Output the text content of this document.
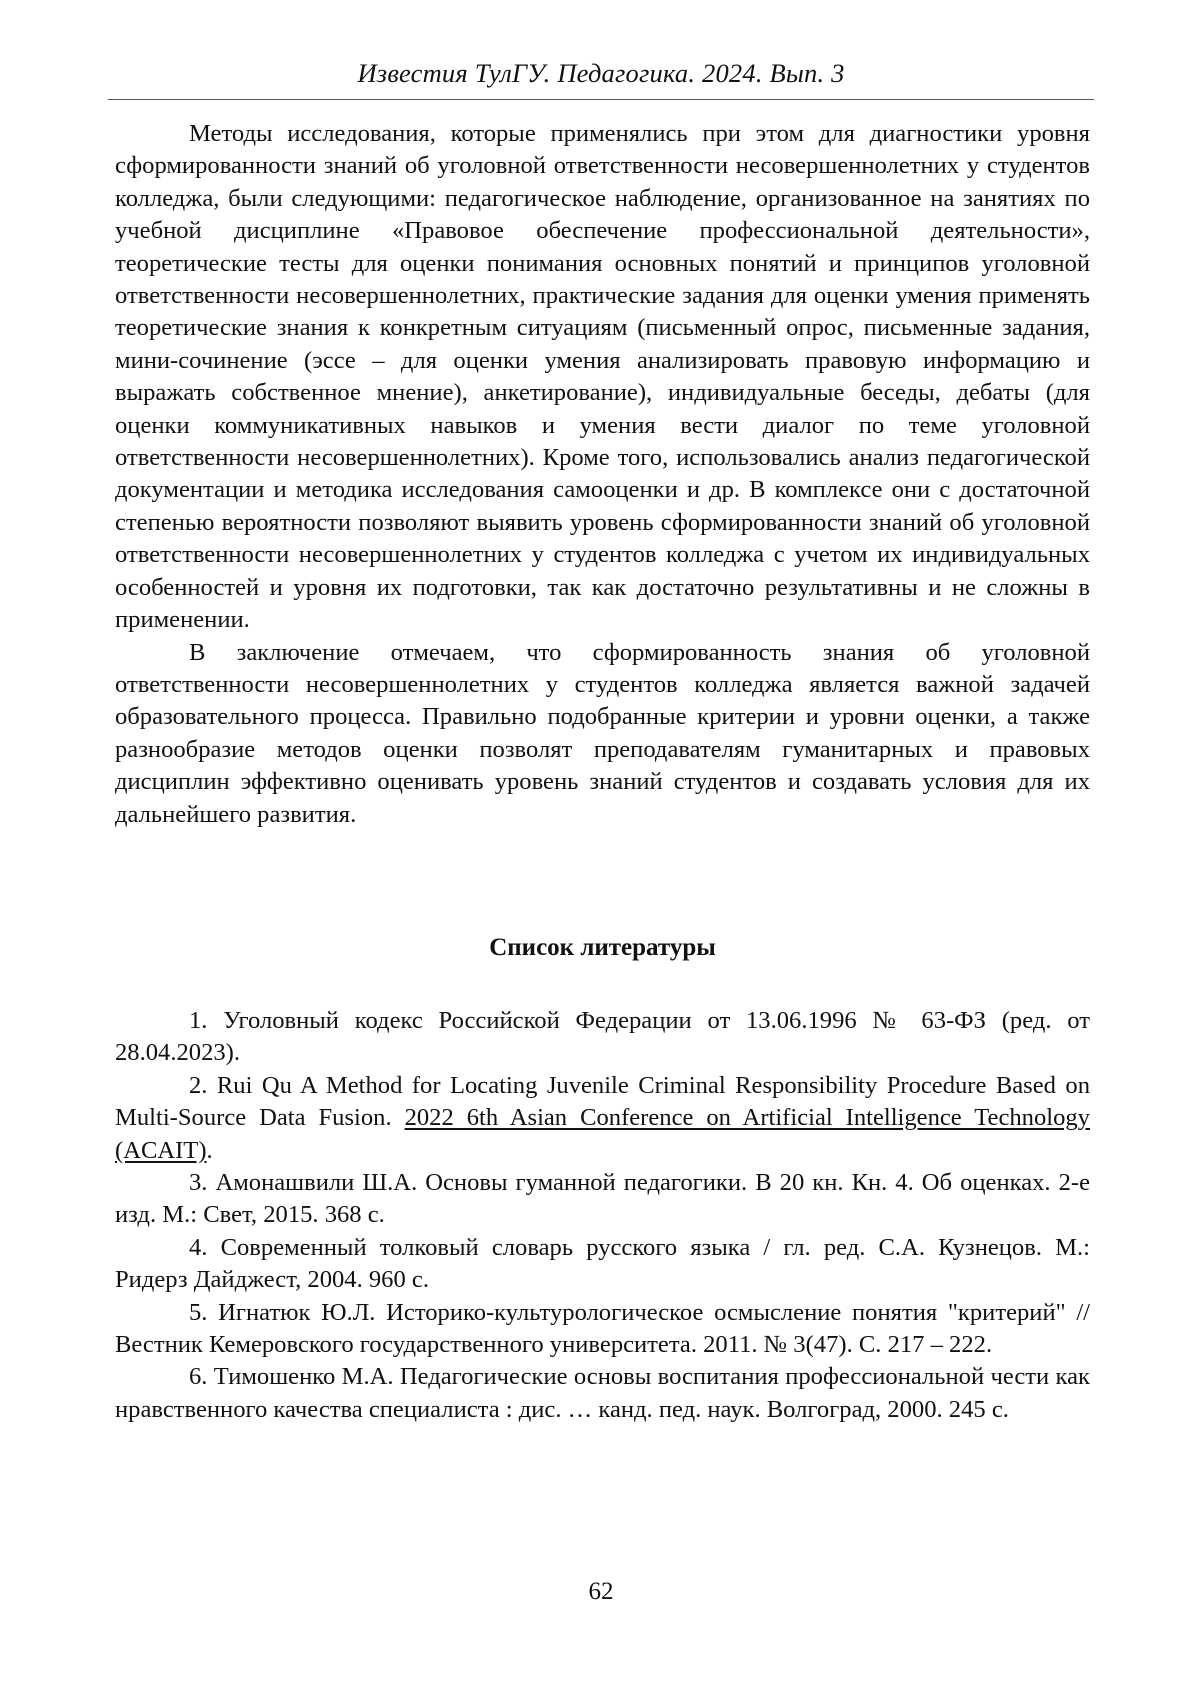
Известия ТулГУ. Педагогика. 2024. Вып. 3

Методы исследования, которые применялись при этом для диагностики уровня сформированности знаний об уголовной ответственности несовершеннолетних у студентов колледжа, были следующими: педагогическое наблюдение, организованное на занятиях по учебной дисциплине «Правовое обеспечение профессиональной деятельности», теоретические тесты для оценки понимания основных понятий и принципов уголовной ответственности несовершеннолетних, практические задания для оценки умения применять теоретические знания к конкретным ситуациям (письменный опрос, письменные задания, мини-сочинение (эссе – для оценки умения анализировать правовую информацию и выражать собственное мнение), анкетирование), индивидуальные беседы, дебаты (для оценки коммуникативных навыков и умения вести диалог по теме уголовной ответственности несовершеннолетних). Кроме того, использовались анализ педагогической документации и методика исследования самооценки и др. В комплексе они с достаточной степенью вероятности позволяют выявить уровень сформированности знаний об уголовной ответственности несовершеннолетних у студентов колледжа с учетом их индивидуальных особенностей и уровня их подготовки, так как достаточно результативны и не сложны в применении.

В заключение отмечаем, что сформированность знания об уголовной ответственности несовершеннолетних у студентов колледжа является важной задачей образовательного процесса. Правильно подобранные критерии и уровни оценки, а также разнообразие методов оценки позволят преподавателям гуманитарных и правовых дисциплин эффективно оценивать уровень знаний студентов и создавать условия для их дальнейшего развития.

Список литературы

1. Уголовный кодекс Российской Федерации от 13.06.1996 № 63-ФЗ (ред. от 28.04.2023).

2. Rui Qu A Method for Locating Juvenile Criminal Responsibility Procedure Based on Multi-Source Data Fusion. 2022 6th Asian Conference on Artificial Intelligence Technology (ACAIT).

3. Амонашвили Ш.А. Основы гуманной педагогики. В 20 кн. Кн. 4. Об оценках. 2-е изд. М.: Свет, 2015. 368 с.

4. Современный толковый словарь русского языка / гл. ред. С.А. Кузнецов. М.: Ридерз Дайджест, 2004. 960 с.

5. Игнатюк Ю.Л. Историко-культурологическое осмысление понятия "критерий" // Вестник Кемеровского государственного университета. 2011. № 3(47). С. 217 – 222.

6. Тимошенко М.А. Педагогические основы воспитания профессиональной чести как нравственного качества специалиста : дис. … канд. пед. наук. Волгоград, 2000. 245 с.

62
